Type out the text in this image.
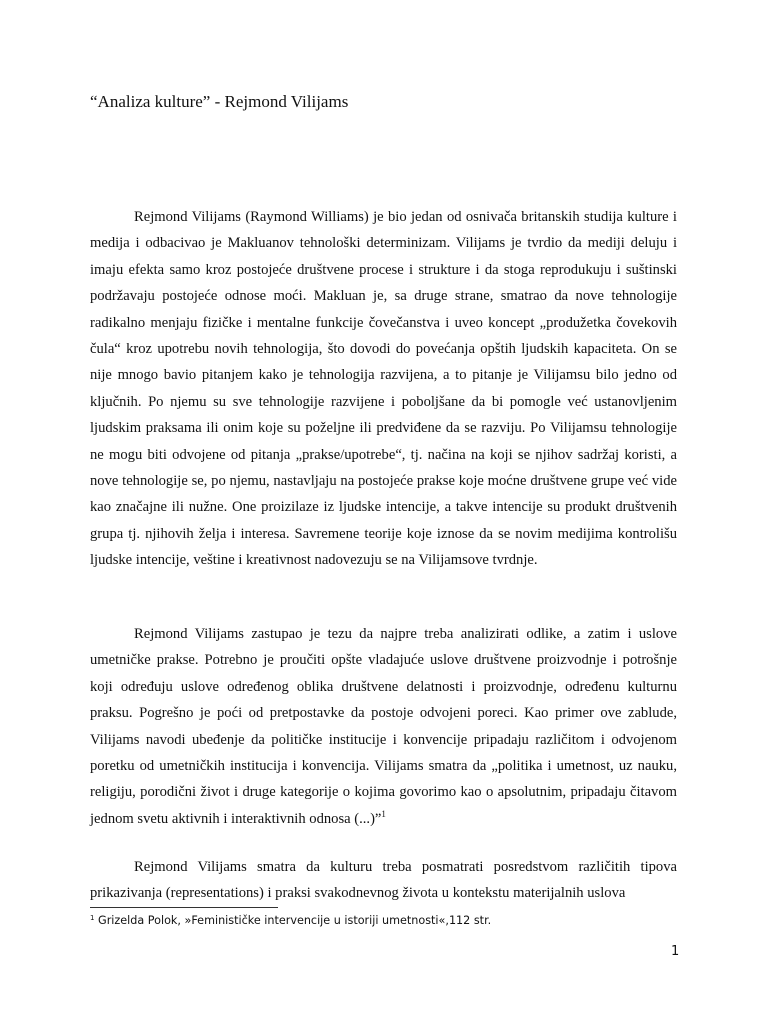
“Analiza kulture” - Rejmond Vilijams

Rejmond Vilijams (Raymond Williams) je bio jedan od osnivača britanskih studija kulture i medija i odbacivao je Makluanov tehnološki determinizam. Vilijams je tvrdio da mediji deluju i imaju efekta samo kroz postojeće društvene procese i strukture i da stoga reprodukuju i suštinski podržavaju postojeće odnose moći. Makluan je, sa druge strane, smatrao da nove tehnologije radikalno menjaju fizičke i mentalne funkcije čovečanstva i uveo koncept „produžetka čovekovih čula“ kroz upotrebu novih tehnologija, što dovodi do povećanja opštih ljudskih kapaciteta. On se nije mnogo bavio pitanjem kako je tehnologija razvijena, a to pitanje je Vilijamsu bilo jedno od ključnih. Po njemu su sve tehnologije razvijene i poboljšane da bi pomogle već ustanovljenim ljudskim praksama ili onim koje su poželjne ili predviđene da se razviju. Po Vilijamsu tehnologije ne mogu biti odvojene od pitanja „prakse/upotrebe“, tj. načina na koji se njihov sadržaj koristi, a nove tehnologije se, po njemu, nastavljaju na postojeće prakse koje moćne društvene grupe već vide kao značajne ili nužne. One proizilaze iz ljudske intencije, a takve intencije su produkt društvenih grupa tj. njihovih želja i interesa. Savremene teorije koje iznose da se novim medijima kontrolišu ljudske intencije, veštine i kreativnost nadovezuju se na Vilijamsove tvrdnje.

Rejmond Vilijams zastupao je tezu da najpre treba analizirati odlike, a zatim i uslove umetničke prakse. Potrebno je proučiti opšte vladajuće uslove društvene proizvodnje i potrošnje koji određuju uslove određenog oblika društvene delatnosti i proizvodnje, određenu kulturnu praksu. Pogrešno je poći od pretpostavke da postoje odvojeni poreci. Kao primer ove zablude, Vilijams navodi ubeđenje da političke institucije i konvencije pripadaju različitom i odvojenom poretku od umetničkih institucija i konvencija. Vilijams smatra da „politika i umetnost, uz nauku, religiju, porodični život i druge kategorije o kojima govorimo kao o apsolutnim, pripadaju čitavom jednom svetu aktivnih i interaktivnih odnosa (...)”$^1$

Rejmond Vilijams smatra da kulturu treba posmatrati posredstvom različitih tipova prikazivanja (representations) i praksi svakodnevnog života u kontekstu materijalnih uslova

$^1$ Grizelda Polok, »Feminističke intervencije u istoriji umetnosti«,112 str.
1
